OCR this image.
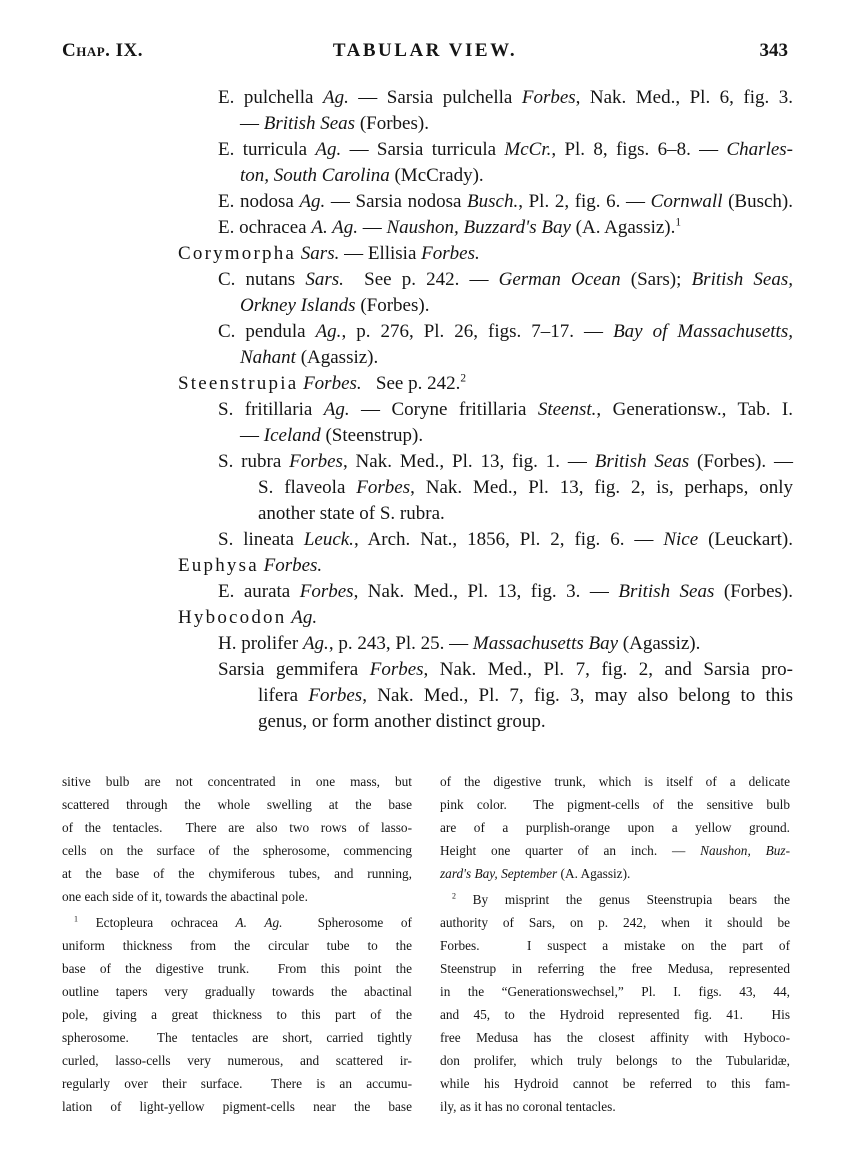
Chap. IX.	TABULAR VIEW.	343
E. pulchella Ag. — Sarsia pulchella Forbes, Nak. Med., Pl. 6, fig. 3.
— British Seas (Forbes).
E. turricula Ag. — Sarsia turricula McCr., Pl. 8, figs. 6–8. — Charles-
ton, South Carolina (McCrady).
E. nodosa Ag. — Sarsia nodosa Busch., Pl. 2, fig. 6. — Cornwall (Busch).
E. ochracea A. Ag. — Naushon, Buzzard's Bay (A. Agassiz).$^1$
Corymorpha Sars. — Ellisia Forbes.
C. nutans Sars.  See p. 242. — German Ocean (Sars); British Seas,
Orkney Islands (Forbes).
C. pendula Ag., p. 276, Pl. 26, figs. 7–17. — Bay of Massachusetts,
Nahant (Agassiz).
Steenstrupia Forbes.   See p. 242.$^2$
S. fritillaria Ag. — Coryne fritillaria Steenst., Generationsw., Tab. I.
— Iceland (Steenstrup).
S. rubra Forbes, Nak. Med., Pl. 13, fig. 1. — British Seas (Forbes). —
S. flaveola Forbes, Nak. Med., Pl. 13, fig. 2, is, perhaps, only
another state of S. rubra.
S. lineata Leuck., Arch. Nat., 1856, Pl. 2, fig. 6. — Nice (Leuckart).
Euphysa Forbes.
E. aurata Forbes, Nak. Med., Pl. 13, fig. 3. — British Seas (Forbes).
Hybocodon Ag.
H. prolifer Ag., p. 243, Pl. 25. — Massachusetts Bay (Agassiz).
Sarsia gemmifera Forbes, Nak. Med., Pl. 7, fig. 2, and Sarsia pro-
lifera Forbes, Nak. Med., Pl. 7, fig. 3, may also belong to this
genus, or form another distinct group.
sitive bulb are not concentrated in one mass, but
scattered through the whole swelling at the base
of the tentacles.  There are also two rows of lasso-
cells on the surface of the spherosome, commencing
at the base of the chymiferous tubes, and running,
one each side of it, towards the abactinal pole.
$^1$ Ectopleura ochracea A. Ag.  Spherosome of
uniform thickness from the circular tube to the
base of the digestive trunk.  From this point the
outline tapers very gradually towards the abactinal
pole, giving a great thickness to this part of the
spherosome.  The tentacles are short, carried tightly
curled, lasso-cells very numerous, and scattered ir-
regularly over their surface.  There is an accumu-
lation of light-yellow pigment-cells near the base
of the digestive trunk, which is itself of a delicate
pink color.  The pigment-cells of the sensitive bulb
are of a purplish-orange upon a yellow ground.
Height one quarter of an inch. — Naushon, Buz-
zard's Bay, September (A. Agassiz).
$^2$ By misprint the genus Steenstrupia bears the
authority of Sars, on p. 242, when it should be
Forbes.   I suspect a mistake on the part of
Steenstrup in referring the free Medusa, represented
in the “Generationswechsel,” Pl. I. figs. 43, 44,
and 45, to the Hydroid represented fig. 41.  His
free Medusa has the closest affinity with Hyboco-
don prolifer, which truly belongs to the Tubularidæ,
while his Hydroid cannot be referred to this fam-
ily, as it has no coronal tentacles.
